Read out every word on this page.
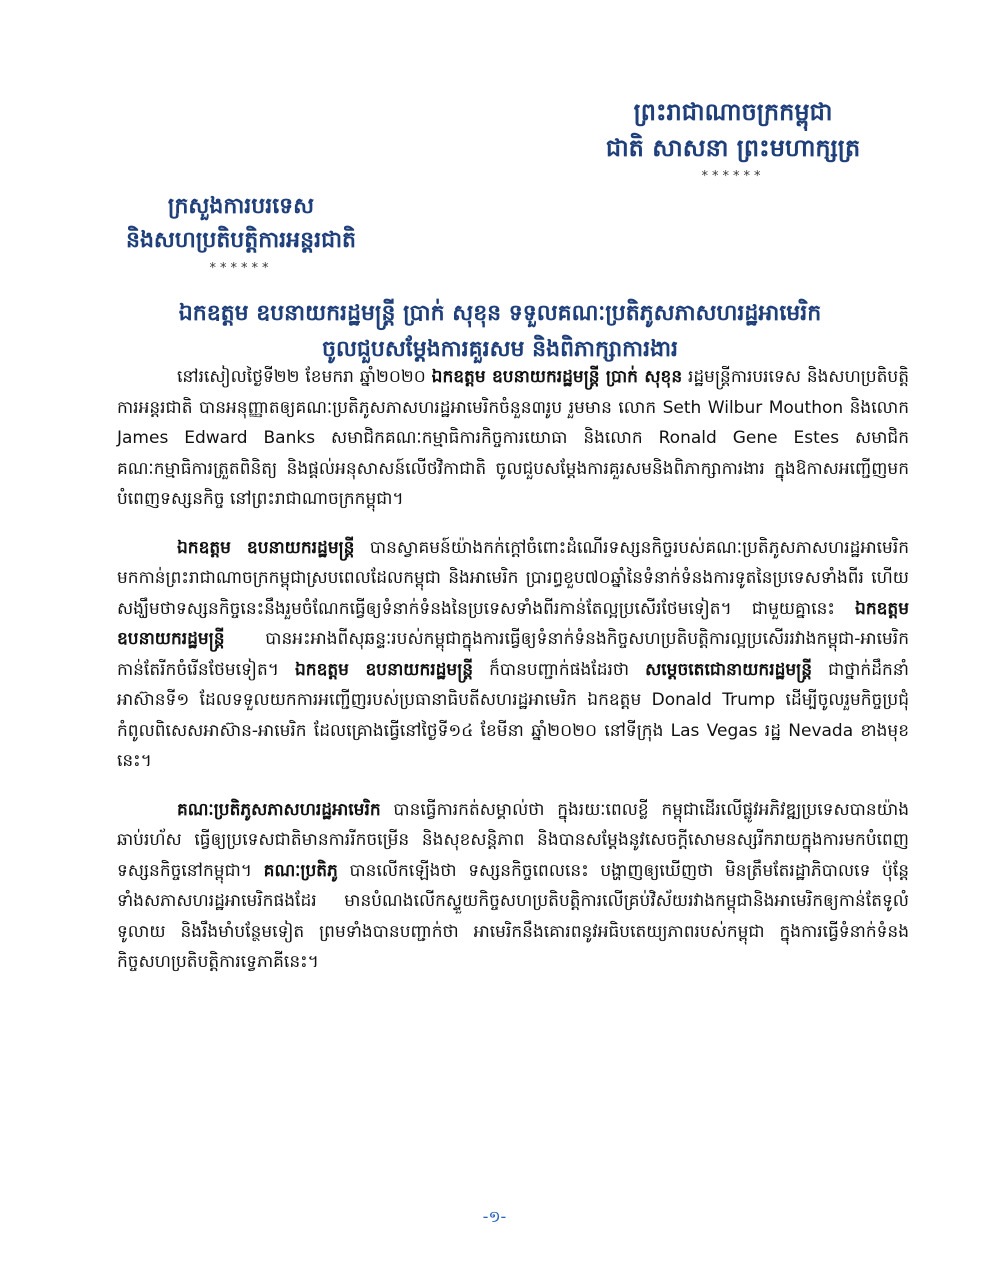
ព្រះរាជាណាចក្រកម្ពុជា
ជាតិ សាសនា ព្រះមហាក្សត្រ
******
ក្រសួងការបរទេស
និងសហប្រតិបត្តិការអន្តរជាតិ
******
ឯកឧត្តម ឧបនាយករដ្ឋមន្ត្រី ប្រាក់ សុខុន ទទួលគណៈប្រតិភូសភាសហរដ្ឋអាមេរិក
ចូលជួបសម្តែងការគួរសម និងពិភាក្សាការងារ

នៅរសៀលថ្ងៃទី២២ ខែមករា ឆ្នាំ២០២០ ឯកឧត្តម ឧបនាយករដ្ឋមន្ត្រី ប្រាក់ សុខុន រដ្ឋមន្ត្រីការបរទេស និងសហប្រតិបត្តិការអន្តរជាតិ បានអនុញ្ញាតឲ្យគណៈប្រតិភូសភាសហរដ្ឋអាមេរិកចំនួន៣រូប រួមមាន លោក Seth Wilbur Mouthon និងលោក James Edward Banks សមាជិកគណៈកម្មាធិការកិច្ចការយោធា និងលោក Ronald Gene Estes សមាជិកគណៈកម្មាធិការត្រួតពិនិត្យ និងផ្តល់អនុសាសន៍លើថវិកាជាតិ ចូលជួបសម្តែងការគួរសមនិងពិភាក្សាការងារ ក្នុងឱកាសអញ្ជើញមកបំពេញទស្សនកិច្ច នៅព្រះរាជាណាចក្រកម្ពុជា។

ឯកឧត្តម ឧបនាយករដ្ឋមន្ត្រី បានស្វាគមន៍យ៉ាងកក់ក្តៅចំពោះដំណើរទស្សនកិច្ចរបស់គណៈប្រតិភូសភាសហរដ្ឋអាមេរិកមកកាន់ព្រះរាជាណាចក្រកម្ពុជាស្របពេលដែលកម្ពុជា និងអាមេរិក ប្រារព្ធខួប៧០ឆ្នាំនៃទំនាក់ទំនងការទូតនៃប្រទេសទាំងពីរ ហើយសង្ឃឹមថាទស្សនកិច្ចនេះនឹងរួមចំណែកធ្វើឲ្យទំនាក់ទំនងនៃប្រទេសទាំងពីរកាន់តែល្អប្រសើរថែមទៀត។ ជាមួយគ្នានេះ ឯកឧត្តម ឧបនាយករដ្ឋមន្ត្រី បានអះអាងពីសុឆន្ទៈរបស់កម្ពុជាក្នុងការធ្វើឲ្យទំនាក់ទំនងកិច្ចសហប្រតិបត្តិការល្អប្រសើររវាងកម្ពុជា-អាមេរិកកាន់តែរីកចំរើនថែមទៀត។ ឯកឧត្តម ឧបនាយករដ្ឋមន្ត្រី ក៏បានបញ្ជាក់ផងដែរថា សម្តេចតេជោនាយករដ្ឋមន្ត្រី ជាថ្នាក់ដឹកនាំអាស៊ានទី១ ដែលទទួលយកការអញ្ជើញរបស់ប្រធានាធិបតីសហរដ្ឋអាមេរិក ឯកឧត្តម Donald Trump ដើម្បីចូលរួមកិច្ចប្រជុំកំពូលពិសេសអាស៊ាន-អាមេរិក ដែលគ្រោងធ្វើនៅថ្ងៃទី១៤ ខែមីនា ឆ្នាំ២០២០ នៅទីក្រុង Las Vegas រដ្ឋ Nevada ខាងមុខនេះ។

គណៈប្រតិភូសភាសហរដ្ឋអាមេរិក បានធ្វើការកត់សម្គាល់ថា ក្នុងរយៈពេលខ្លី កម្ពុជាដើរលើផ្លូវអភិវឌ្ឍប្រទេសបានយ៉ាងឆាប់រហ័ស ធ្វើឲ្យប្រទេសជាតិមានការរីកចម្រើន និងសុខសន្តិភាព និងបានសម្តែងនូវសេចក្តីសោមនស្សរីករាយក្នុងការមកបំពេញទស្សនកិច្ចនៅកម្ពុជា។ គណៈប្រតិភូ បានលើកឡើងថា ទស្សនកិច្ចពេលនេះ បង្ហាញឲ្យឃើញថា មិនត្រឹមតែរដ្ឋាភិបាលទេ ប៉ុន្តែទាំងសភាសហរដ្ឋអាមេរិកផងដែរ មានបំណងលើកស្ទួយកិច្ចសហប្រតិបត្តិការលើគ្រប់វិស័យរវាងកម្ពុជានិងអាមេរិកឲ្យកាន់តែទូលំទូលាយ និងរឹងមាំបន្ថែមទៀត ព្រមទាំងបានបញ្ជាក់ថា អាមេរិកនឹងគោរពនូវអធិបតេយ្យភាពរបស់កម្ពុជា ក្នុងការធ្វើទំនាក់ទំនងកិច្ចសហប្រតិបត្តិការទ្វេភាគីនេះ។

-១-
